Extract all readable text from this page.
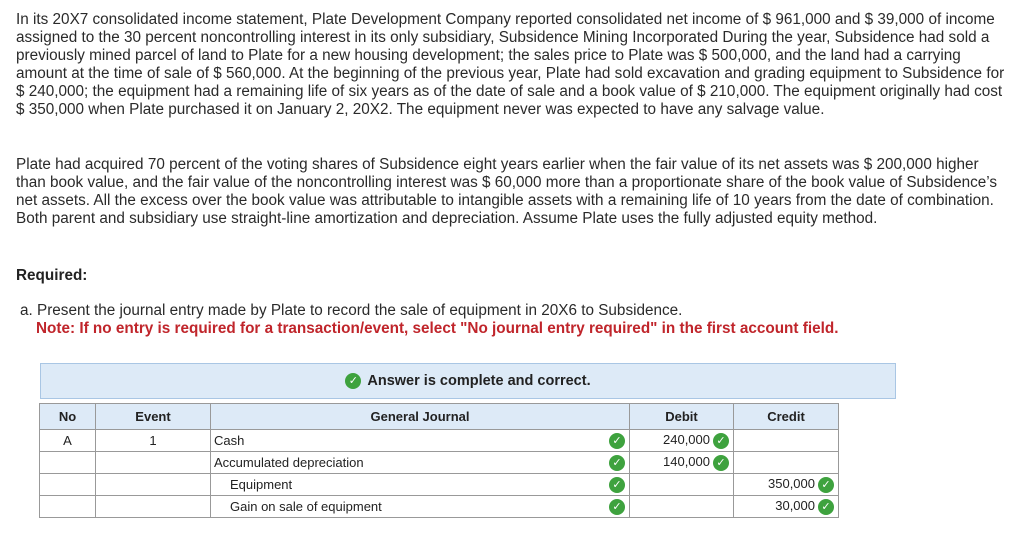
In its 20X7 consolidated income statement, Plate Development Company reported consolidated net income of $ 961,000 and $ 39,000 of income assigned to the 30 percent noncontrolling interest in its only subsidiary, Subsidence Mining Incorporated During the year, Subsidence had sold a previously mined parcel of land to Plate for a new housing development; the sales price to Plate was $ 500,000, and the land had a carrying amount at the time of sale of $ 560,000. At the beginning of the previous year, Plate had sold excavation and grading equipment to Subsidence for $ 240,000; the equipment had a remaining life of six years as of the date of sale and a book value of $ 210,000. The equipment originally had cost $ 350,000 when Plate purchased it on January 2, 20X2. The equipment never was expected to have any salvage value.

Plate had acquired 70 percent of the voting shares of Subsidence eight years earlier when the fair value of its net assets was $ 200,000 higher than book value, and the fair value of the noncontrolling interest was $ 60,000 more than a proportionate share of the book value of Subsidence’s net assets. All the excess over the book value was attributable to intangible assets with a remaining life of 10 years from the date of combination. Both parent and subsidiary use straight-line amortization and depreciation. Assume Plate uses the fully adjusted equity method.

Required:

a. Present the journal entry made by Plate to record the sale of equipment in 20X6 to Subsidence.

Note: If no entry is required for a transaction/event, select "No journal entry required" in the first account field.

✓ Answer is complete and correct.
No	Event	General Journal	Debit	Credit
A	1	Cash ✓	240,000 ✓	
		Accumulated depreciation ✓	140,000 ✓	
		Equipment ✓		350,000 ✓
		Gain on sale of equipment ✓		30,000 ✓
